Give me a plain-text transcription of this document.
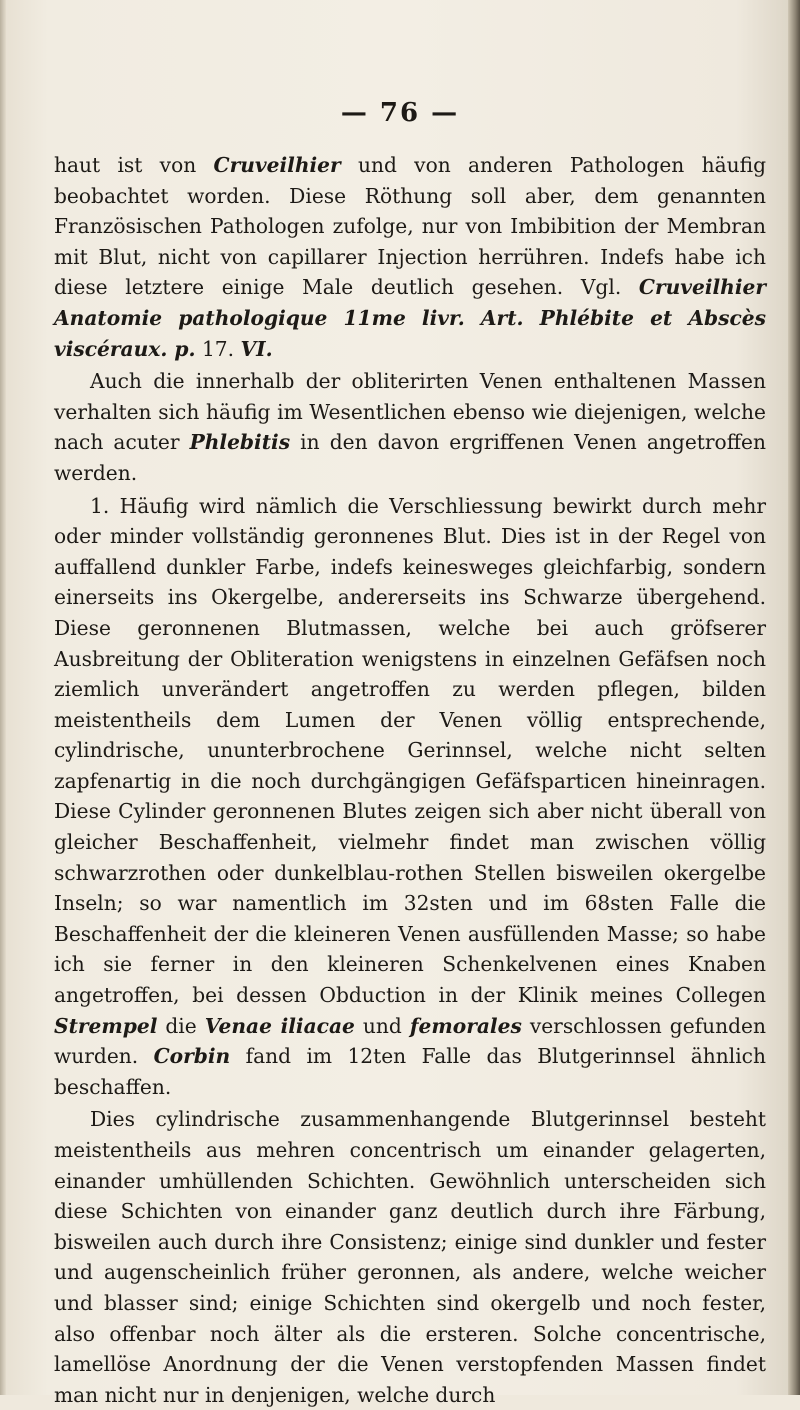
— 76 —

haut ist von Cruveilhier und von anderen Pathologen häufig beobachtet worden. Diese Röthung soll aber, dem genannten Französischen Pathologen zufolge, nur von Imbibition der Membran mit Blut, nicht von capillarer Injection herrühren. Indefs habe ich diese letztere einige Male deutlich gesehen. Vgl. Cruveilhier Anatomie pathologique 11me livr. Art. Phlébite et Abscès viscéraux. p. 17. VI.

Auch die innerhalb der obliterirten Venen enthaltenen Massen verhalten sich häufig im Wesentlichen ebenso wie diejenigen, welche nach acuter Phlebitis in den davon ergriffenen Venen angetroffen werden.

1. Häufig wird nämlich die Verschliessung bewirkt durch mehr oder minder vollständig geronnenes Blut. Dies ist in der Regel von auffallend dunkler Farbe, indefs keinesweges gleichfarbig, sondern einerseits ins Okergelbe, andererseits ins Schwarze übergehend. Diese geronnenen Blutmassen, welche bei auch gröfserer Ausbreitung der Obliteration wenigstens in einzelnen Gefäfsen noch ziemlich unverändert angetroffen zu werden pflegen, bilden meistentheils dem Lumen der Venen völlig entsprechende, cylindrische, ununterbrochene Gerinnsel, welche nicht selten zapfenartig in die noch durchgängigen Gefäfsparticen hineinragen. Diese Cylinder geronnenen Blutes zeigen sich aber nicht überall von gleicher Beschaffenheit, vielmehr findet man zwischen völlig schwarzrothen oder dunkelblau-rothen Stellen bisweilen okergelbe Inseln; so war namentlich im 32sten und im 68sten Falle die Beschaffenheit der die kleineren Venen ausfüllenden Masse; so habe ich sie ferner in den kleineren Schenkelvenen eines Knaben angetroffen, bei dessen Obduction in der Klinik meines Collegen Strempel die Venae iliacae und femorales verschlossen gefunden wurden. Corbin fand im 12ten Falle das Blutgerinnsel ähnlich beschaffen.

Dies cylindrische zusammenhangende Blutgerinnsel besteht meistentheils aus mehren concentrisch um einander gelagerten, einander umhüllenden Schichten. Gewöhnlich unterscheiden sich diese Schichten von einander ganz deutlich durch ihre Färbung, bisweilen auch durch ihre Consistenz; einige sind dunkler und fester und augenscheinlich früher geronnen, als andere, welche weicher und blasser sind; einige Schichten sind okergelb und noch fester, also offenbar noch älter als die ersteren. Solche concentrische, lamellöse Anordnung der die Venen verstopfenden Massen findet man nicht nur in denjenigen, welche durch
